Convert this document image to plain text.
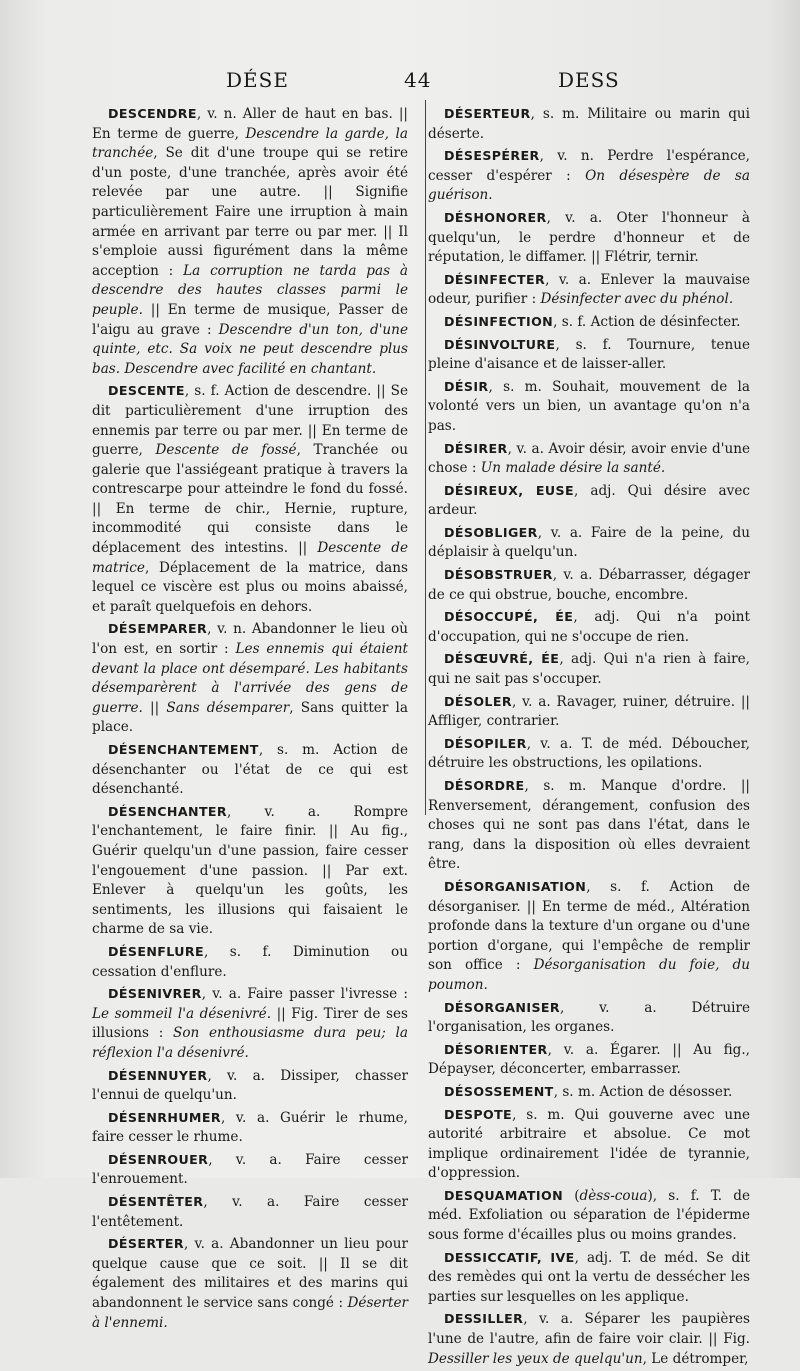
DÉSE	44	DESS

DESCENDRE, v. n. Aller de haut en bas. || En terme de guerre, Descendre la garde, la tranchée, Se dit d'une troupe qui se retire d'un poste, d'une tranchée, après avoir été relevée par une autre. || Signifie particulièrement Faire une irruption à main armée en arrivant par terre ou par mer. || Il s'emploie aussi figurément dans la même acception : La corruption ne tarda pas à descendre des hautes classes parmi le peuple. || En terme de musique, Passer de l'aigu au grave : Descendre d'un ton, d'une quinte, etc. Sa voix ne peut descendre plus bas. Descendre avec facilité en chantant.

DESCENTE, s. f. Action de descendre. || Se dit particulièrement d'une irruption des ennemis par terre ou par mer. || En terme de guerre, Descente de fossé, Tranchée ou galerie que l'assiégeant pratique à travers la contrescarpe pour atteindre le fond du fossé. || En terme de chir., Hernie, rupture, incommodité qui consiste dans le déplacement des intestins. || Descente de matrice, Déplacement de la matrice, dans lequel ce viscère est plus ou moins abaissé, et paraît quelquefois en dehors.

DÉSEMPARER, v. n. Abandonner le lieu où l'on est, en sortir : Les ennemis qui étaient devant la place ont désemparé. Les habitants désemparèrent à l'arrivée des gens de guerre. || Sans désemparer, Sans quitter la place.

DÉSENCHANTEMENT, s. m. Action de désenchanter ou l'état de ce qui est désenchanté.

DÉSENCHANTER, v. a. Rompre l'enchantement, le faire finir. || Au fig., Guérir quelqu'un d'une passion, faire cesser l'engouement d'une passion. || Par ext. Enlever à quelqu'un les goûts, les sentiments, les illusions qui faisaient le charme de sa vie.

DÉSENFLURE, s. f. Diminution ou cessation d'enflure.

DÉSENIVRER, v. a. Faire passer l'ivresse : Le sommeil l'a désenivré. || Fig. Tirer de ses illusions : Son enthousiasme dura peu; la réflexion l'a désenivré.

DÉSENNUYER, v. a. Dissiper, chasser l'ennui de quelqu'un.

DÉSENRHUMER, v. a. Guérir le rhume, faire cesser le rhume.

DÉSENROUER, v. a. Faire cesser l'enrouement.

DÉSENTÊTER, v. a. Faire cesser l'entêtement.

DÉSERTER, v. a. Abandonner un lieu pour quelque cause que ce soit. || Il se dit également des militaires et des marins qui abandonnent le service sans congé : Déserter à l'ennemi.

DÉSERTEUR, s. m. Militaire ou marin qui déserte.

DÉSESPÉRER, v. n. Perdre l'espérance, cesser d'espérer : On désespère de sa guérison.

DÉSHONORER, v. a. Oter l'honneur à quelqu'un, le perdre d'honneur et de réputation, le diffamer. || Flétrir, ternir.

DÉSINFECTER, v. a. Enlever la mauvaise odeur, purifier : Désinfecter avec du phénol.

DÉSINFECTION, s. f. Action de désinfecter.

DÉSINVOLTURE, s. f. Tournure, tenue pleine d'aisance et de laisser-aller.

DÉSIR, s. m. Souhait, mouvement de la volonté vers un bien, un avantage qu'on n'a pas.

DÉSIRER, v. a. Avoir désir, avoir envie d'une chose : Un malade désire la santé.

DÉSIREUX, EUSE, adj. Qui désire avec ardeur.

DÉSOBLIGER, v. a. Faire de la peine, du déplaisir à quelqu'un.

DÉSOBSTRUER, v. a. Débarrasser, dégager de ce qui obstrue, bouche, encombre.

DÉSOCCUPÉ, ÉE, adj. Qui n'a point d'occupation, qui ne s'occupe de rien.

DÉSŒUVRÉ, ÉE, adj. Qui n'a rien à faire, qui ne sait pas s'occuper.

DÉSOLER, v. a. Ravager, ruiner, détruire. || Affliger, contrarier.

DÉSOPILER, v. a. T. de méd. Déboucher, détruire les obstructions, les opilations.

DÉSORDRE, s. m. Manque d'ordre. || Renversement, dérangement, confusion des choses qui ne sont pas dans l'état, dans le rang, dans la disposition où elles devraient être.

DÉSORGANISATION, s. f. Action de désorganiser. || En terme de méd., Altération profonde dans la texture d'un organe ou d'une portion d'organe, qui l'empêche de remplir son office : Désorganisation du foie, du poumon.

DÉSORGANISER, v. a. Détruire l'organisation, les organes.

DÉSORIENTER, v. a. Égarer. || Au fig., Dépayser, déconcerter, embarrasser.

DÉSOSSEMENT, s. m. Action de désosser.

DESPOTE, s. m. Qui gouverne avec une autorité arbitraire et absolue. Ce mot implique ordinairement l'idée de tyrannie, d'oppression.

DESQUAMATION (dèss-coua), s. f. T. de méd. Exfoliation ou séparation de l'épiderme sous forme d'écailles plus ou moins grandes.

DESSICCATIF, IVE, adj. T. de méd. Se dit des remèdes qui ont la vertu de dessécher les parties sur lesquelles on les applique.

DESSILLER, v. a. Séparer les paupières l'une de l'autre, afin de faire voir clair. || Fig. Dessiller les yeux de quelqu'un, Le détromper,
